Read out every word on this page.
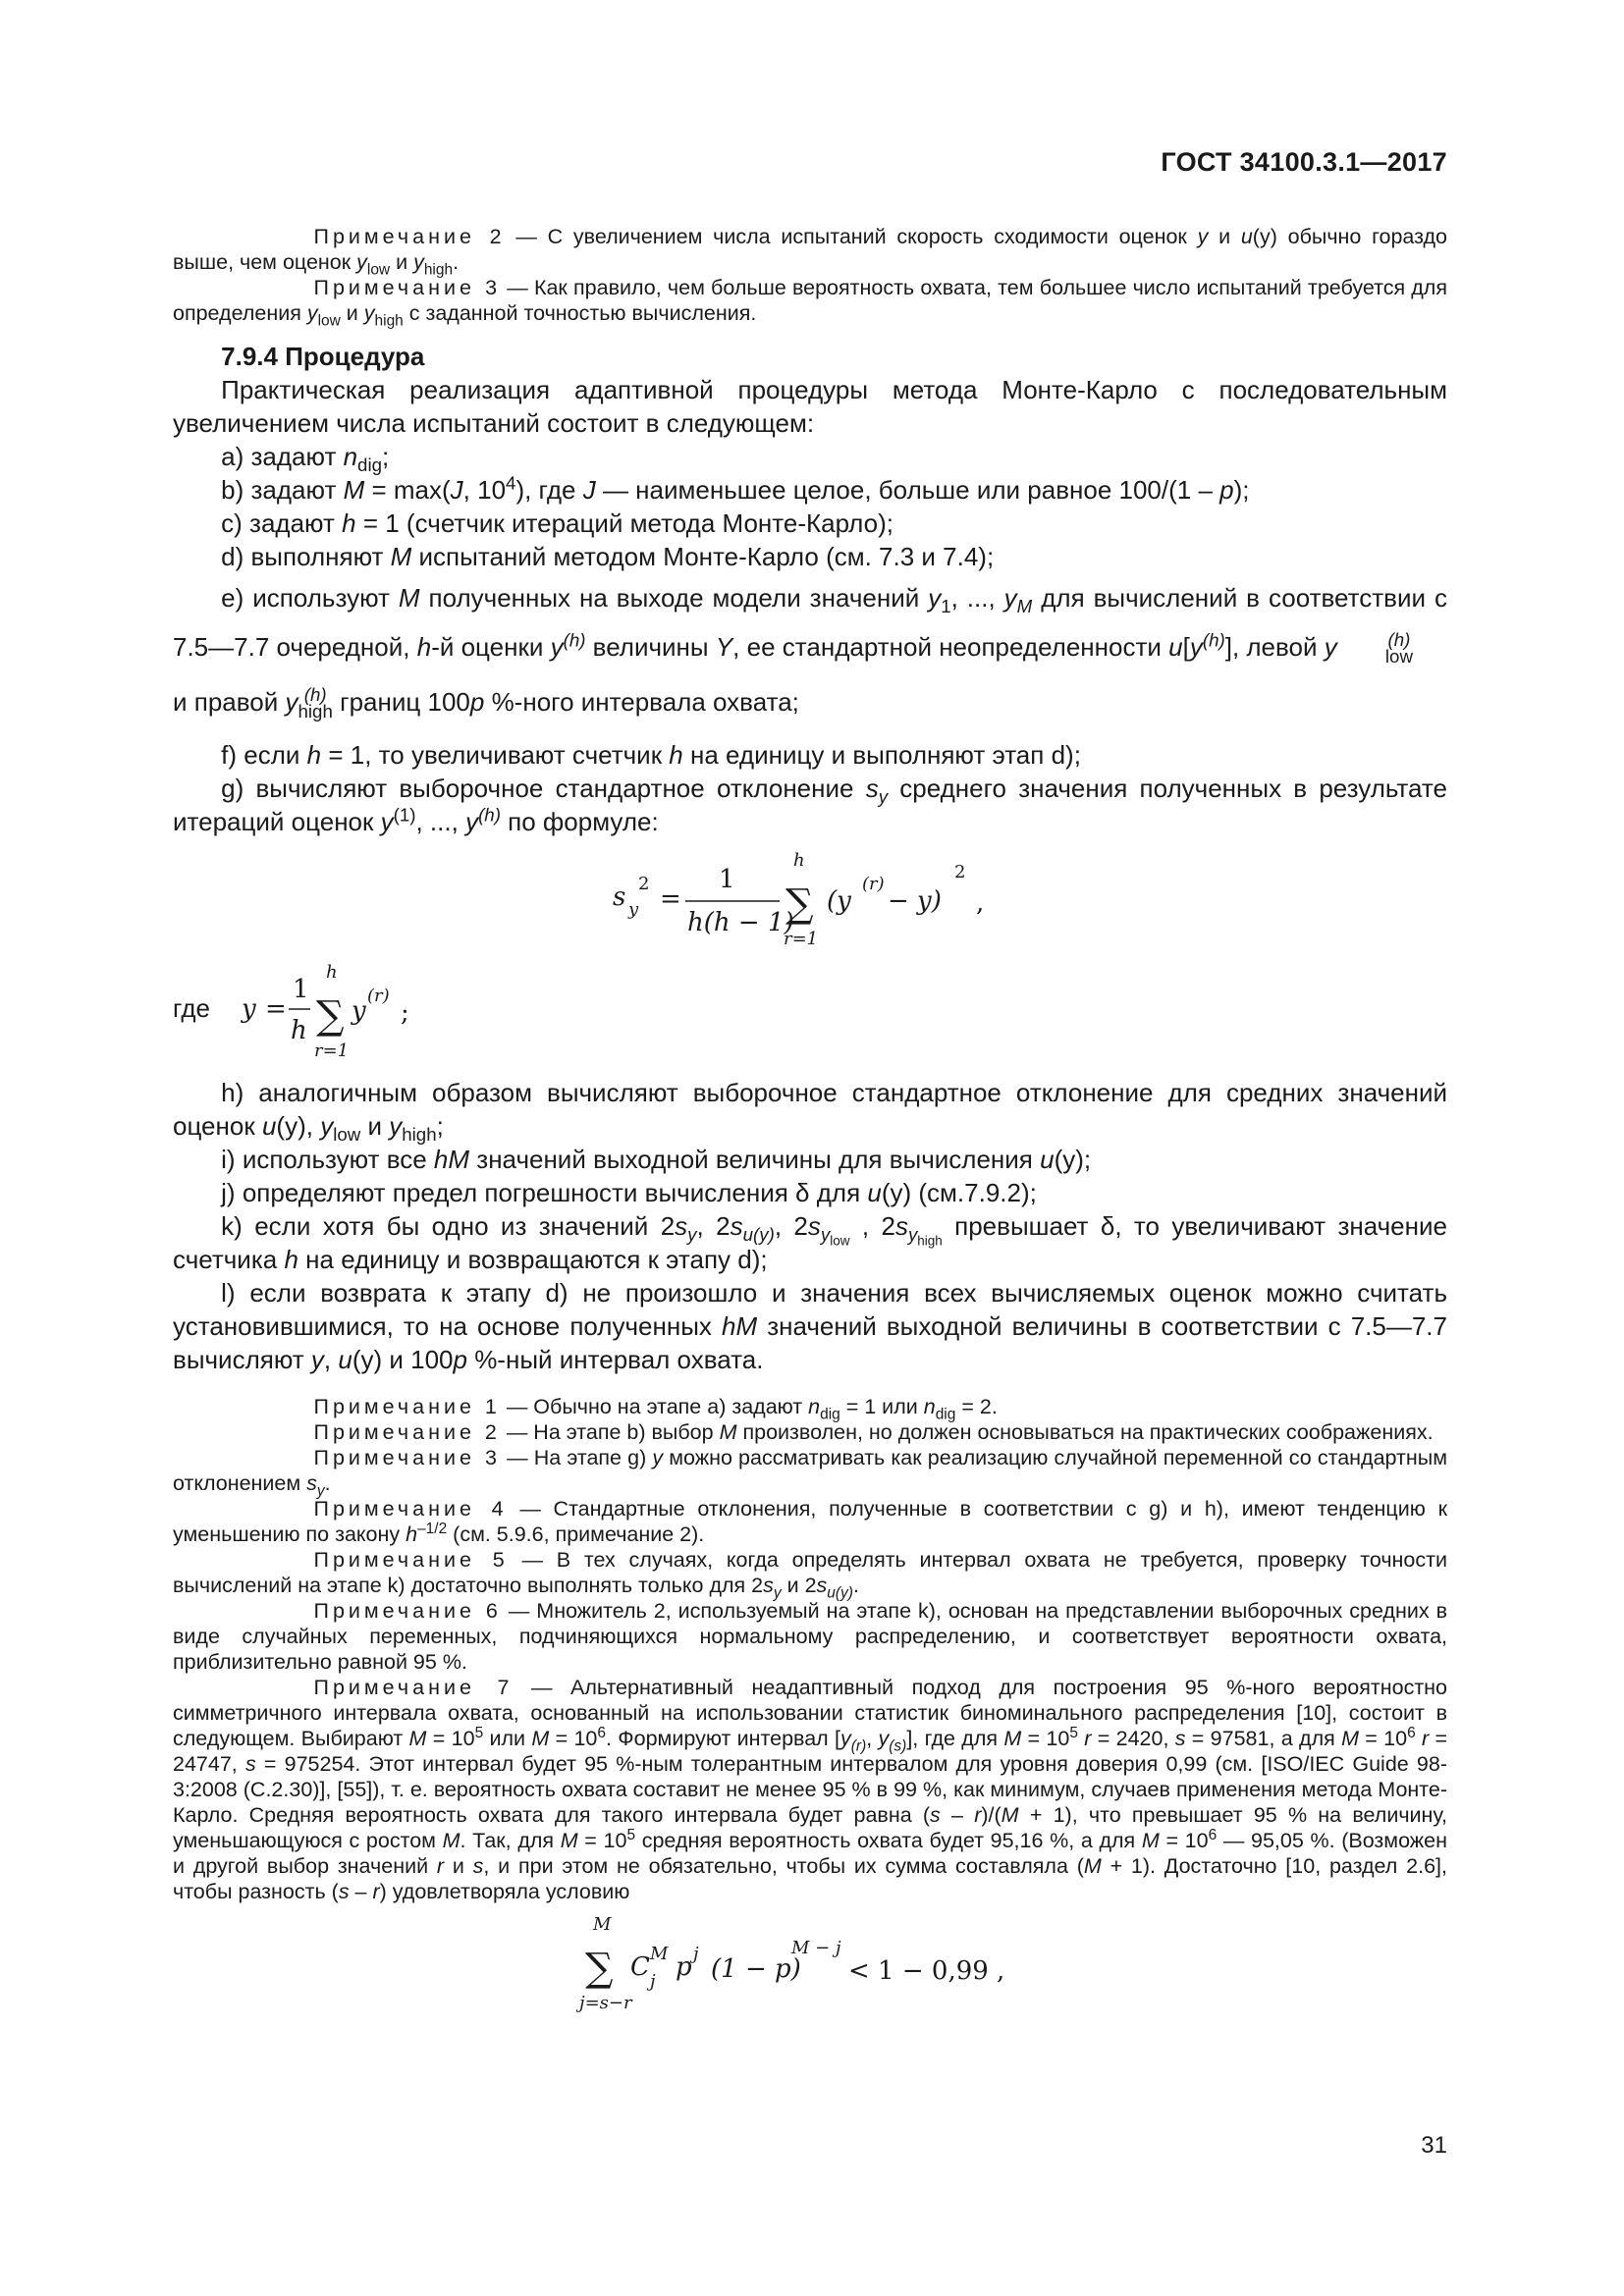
ГОСТ 34100.3.1—2017

Примечание 2 — С увеличением числа испытаний скорость сходимости оценок y и u(y) обычно гораздо выше, чем оценок $y_{low}$ и $y_{high}$.

Примечание 3 — Как правило, чем больше вероятность охвата, тем большее число испытаний требуется для определения $y_{low}$ и $y_{high}$ с заданной точностью вычисления.

7.9.4 Процедура

Практическая реализация адаптивной процедуры метода Монте-Карло с последовательным увеличением числа испытаний состоит в следующем:

a) задают $n_{dig}$;

b) задают M = max(J, $10^4$), где J — наименьшее целое, больше или равное 100/(1 – p);

c) задают h = 1 (счетчик итераций метода Монте-Карло);

d) выполняют M испытаний методом Монте-Карло (см. 7.3 и 7.4);

e) используют M полученных на выходе модели значений $y_1$, ..., $y_M$ для вычислений в соответствии с 7.5—7.7 очередной, h-й оценки $y^{(h)}$ величины Y, ее стандартной неопределенности $u[y^{(h)}]$, левой y	(h)
low

и правой y (h)
high границ 100p %-ного интервала охвата;

f) если h = 1, то увеличивают счетчик h на единицу и выполняют этап d);

g) вычисляют выборочное стандартное отклонение $s_y$ среднего значения полученных в результате итераций оценок $y^{(1)}$, ..., $y^{(h)}$ по формуле:

s y
2
=
1
h(h − 1)
h
∑
r=1
(y
(r)
− y)
2
,
где y =
1
h
h
∑
r=1
y
(r)
;

h) аналогичным образом вычисляют выборочное стандартное отклонение для средних значений оценок u(y), $y_{low}$ и $y_{high}$;

i) используют все hM значений выходной величины для вычисления u(y);

j) определяют предел погрешности вычисления δ для u(y) (см.7.9.2);

k) если хотя бы одно из значений $2s_y$, $2s_{u(y)}$, $2s_{y_{low}}$ , $2s_{y_{high}}$ превышает δ, то увеличивают значение счетчика h на единицу и возвращаются к этапу d);

l) если возврата к этапу d) не произошло и значения всех вычисляемых оценок можно считать установившимися, то на основе полученных hM значений выходной величины в соответствии с 7.5—7.7 вычисляют y, u(y) и 100p %-ный интервал охвата.

Примечание 1 — Обычно на этапе a) задают $n_{dig} = 1$ или $n_{dig} = 2$.

Примечание 2 — На этапе b) выбор M произволен, но должен основываться на практических соображениях.

Примечание 3 — На этапе g) y можно рассматривать как реализацию случайной переменной со стандартным отклонением $s_y$.

Примечание 4 — Стандартные отклонения, полученные в соответствии с g) и h), имеют тенденцию к уменьшению по закону $h^{-1/2}$ (см. 5.9.6, примечание 2).

Примечание 5 — В тех случаях, когда определять интервал охвата не требуется, проверку точности вычислений на этапе k) достаточно выполнять только для $2s_y$ и $2s_{u(y)}$.

Примечание 6 — Множитель 2, используемый на этапе k), основан на представлении выборочных средних в виде случайных переменных, подчиняющихся нормальному распределению, и соответствует вероятности охвата, приблизительно равной 95 %.

Примечание 7 — Альтернативный неадаптивный подход для построения 95 %-ного вероятностно симметричного интервала охвата, основанный на использовании статистик биноминального распределения [10], состоит в следующем. Выбирают $M = 10^5$ или $M = 10^6$. Формируют интервал [$y_{(r)}$, $y_{(s)}$], где для $M = 10^5$ r = 2420, s = 97581, а для $M = 10^6$ r = 24747, s = 975254. Этот интервал будет 95 %-ным толерантным интервалом для уровня доверия 0,99 (см. [ISO/IEC Guide 98-3:2008 (C.2.30)], [55]), т. е. вероятность охвата составит не менее 95 % в 99 %, как минимум, случаев применения метода Монте-Карло. Средняя вероятность охвата для такого интервала будет равна (s – r)/(M + 1), что превышает 95 % на величину, уменьшающуюся с ростом M. Так, для $M = 10^5$ средняя вероятность охвата будет 95,16 %, а для $M = 10^6$ — 95,05 %. (Возможен и другой выбор значений r и s, и при этом не обязательно, чтобы их сумма составляла (M + 1). Достаточно [10, раздел 2.6], чтобы разность (s – r) удовлетворяла условию

M
∑
j=s−r
C M
j p j
(1 − p)
M − j
< 1 − 0,99 ,
31
